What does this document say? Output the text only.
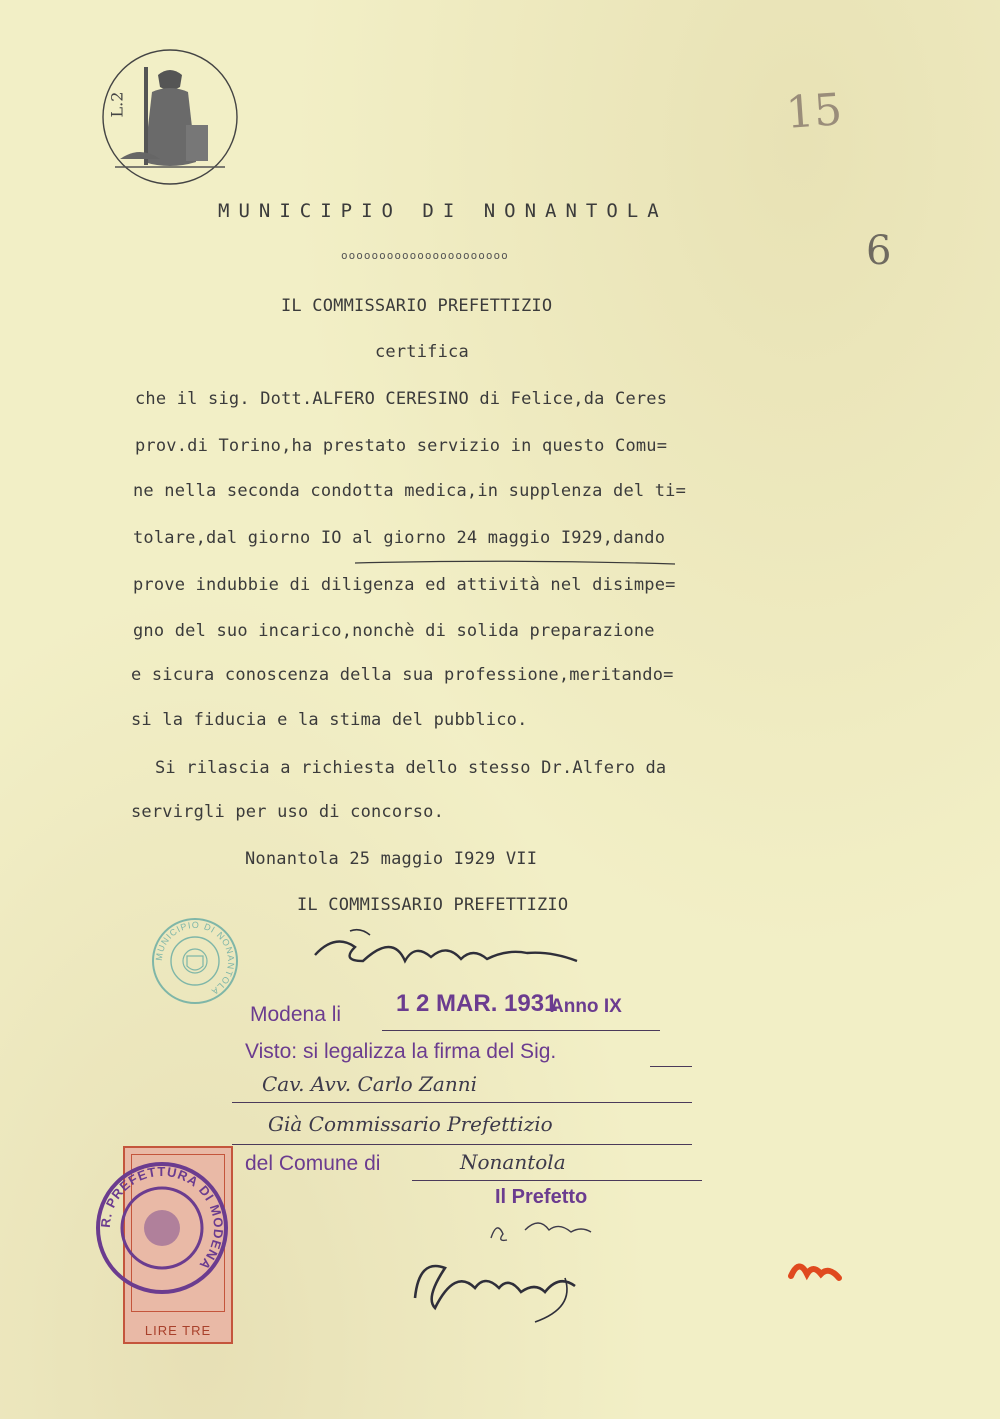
L.2
MUNICIPIO DI NONANTOLA
oooooooooooooooooooooo
IL COMMISSARIO PREFETTIZIO
certifica
che il sig. Dott.ALFERO CERESINO di Felice,da Ceres
prov.di Torino,ha prestato servizio in questo Comu=
ne nella seconda condotta medica,in supplenza del ti=
tolare,dal giorno IO al giorno 24 maggio I929,dando
prove indubbie di diligenza ed attività nel disimpe=
gno del suo incarico,nonchè di solida preparazione
e sicura conoscenza della sua professione,meritando=
si la fiducia e la stima del pubblico.
Si rilascia a richiesta dello stesso Dr.Alfero da
servirgli per uso di concorso.
Nonantola 25 maggio I929 VII
IL COMMISSARIO PREFETTIZIO
MUNICIPIO DI NONANTOLA
Modena li 1 2 MAR. 1931
Anno IX
Visto: si legalizza la firma del Sig.
Cav. Avv. Carlo Zanni
Già Commissario Prefettizio
del Comune di	Nonantola
Il Prefetto
LIRE TRE
R. PREFETTURA DI MODENA
15
6
